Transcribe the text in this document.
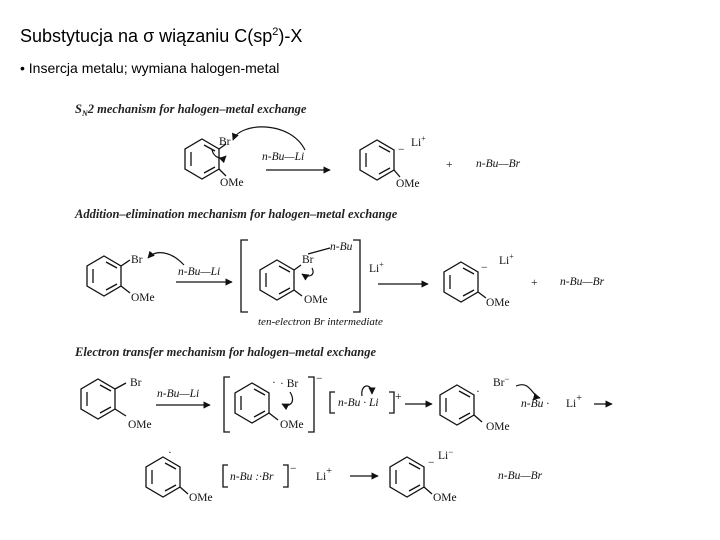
Substytucja na σ wiązaniu $C(sp^2)-X$
• Insercja metalu; wymiana halogen-metal
$S_N2$ mechanism for halogen–metal exchange
Br
OMe
n-Bu—Li
−
OMe
Li+
+ n-Bu—Br
Addition–elimination mechanism for halogen–metal exchange
Br
OMe
n-Bu—Li
Br
n-Bu
OMe
Li+
ten-electron Br intermediate
−
OMe
Li+
+ n-Bu—Br
Electron transfer mechanism for halogen–metal exchange
Br
OMe
n-Bu—Li
−
· · Br
OMe
n-Bu · Li +	·
Br−
OMe
n-Bu · Li+
·
OMe
n-Bu :·Br
−
Li+
−
Li−
OMe
n-Bu—Br
